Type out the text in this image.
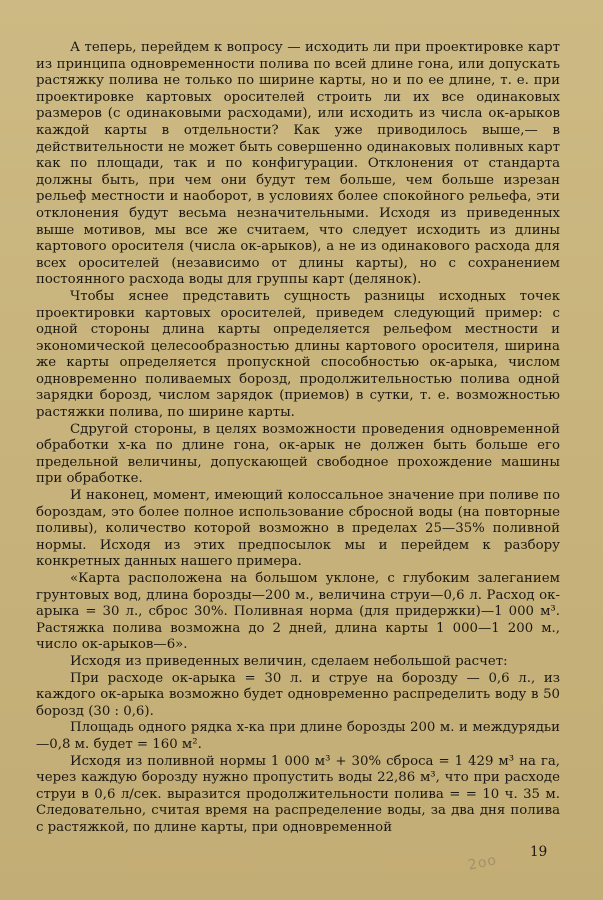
А теперь, перейдем к вопросу — исходить ли при проектировке карт из принципа одновременности полива по всей длине гона, или допускать растяжку полива не только по ширине карты, но и по ее длине, т. е. при проектировке картовых оросителей строить ли их все одинаковых размеров (с одинаковыми расходами), или исходить из числа ок-арыков каждой карты в отдельности? Как уже приводилось выше,— в действительности не может быть совершенно одинаковых поливных карт как по площади, так и по конфигурации. Отклонения от стандарта должны быть, при чем они будут тем больше, чем больше изрезан рельеф местности и наоборот, в условиях более спокойного рельефа, эти отклонения будут весьма незначительными. Исходя из приведенных выше мотивов, мы все же считаем, что следует исходить из длины картового оросителя (числа ок-арыков), а не из одинакового расхода для всех оросителей (независимо от длины карты), но с сохранением постоянного расхода воды для группы карт (делянок).

Чтобы яснее представить сущность разницы исходных точек проектировки картовых оросителей, приведем следующий пример: с одной стороны длина карты определяется рельефом местности и экономической целесообразностью длины картового оросителя, ширина же карты определяется пропускной способностью ок-арыка, числом одновременно поливаемых борозд, продолжительностью полива одной зарядки борозд, числом зарядок (приемов) в сутки, т. е. возможностью растяжки полива, по ширине карты.

Сдругой стороны, в целях возможности проведения одновременной обработки х-ка по длине гона, ок-арык не должен быть больше его предельной величины, допускающей свободное прохождение машины при обработке.

И наконец, момент, имеющий колоссальное значение при поливе по бороздам, это более полное использование сбросной воды (на повторные поливы), количество которой возможно в пределах 25—35% поливной нормы. Исходя из этих предпосылок мы и перейдем к разбору конкретных данных нашего примера.

«Карта расположена на большом уклоне, с глубоким залеганием грунтовых вод, длина борозды—200 м., величина струи—0,6 л. Расход ок-арыка = 30 л., сброс 30%. Поливная норма (для придержки)—1 000 м³. Растяжка полива возможна до 2 дней, длина карты 1 000—1 200 м., число ок-арыков—6».

Исходя из приведенных величин, сделаем небольшой расчет:

При расходе ок-арыка = 30 л. и струе на борозду — 0,6 л., из каждого ок-арыка возможно будет одновременно распределить воду в 50 борозд (30 : 0,6).

Площадь одного рядка х-ка при длине борозды 200 м. и междурядьи—0,8 м. будет = 160 м².

Исходя из поливной нормы 1 000 м³ + 30% сброса = 1 429 м³ на га, через каждую борозду нужно пропустить воды 22,86 м³, что при расходе струи в 0,6 л/сек. выразится продолжительности полива = = 10 ч. 35 м. Следовательно, считая время на распределение воды, за два дня полива с растяжкой, по длине карты, при одновременной

19
2оо
